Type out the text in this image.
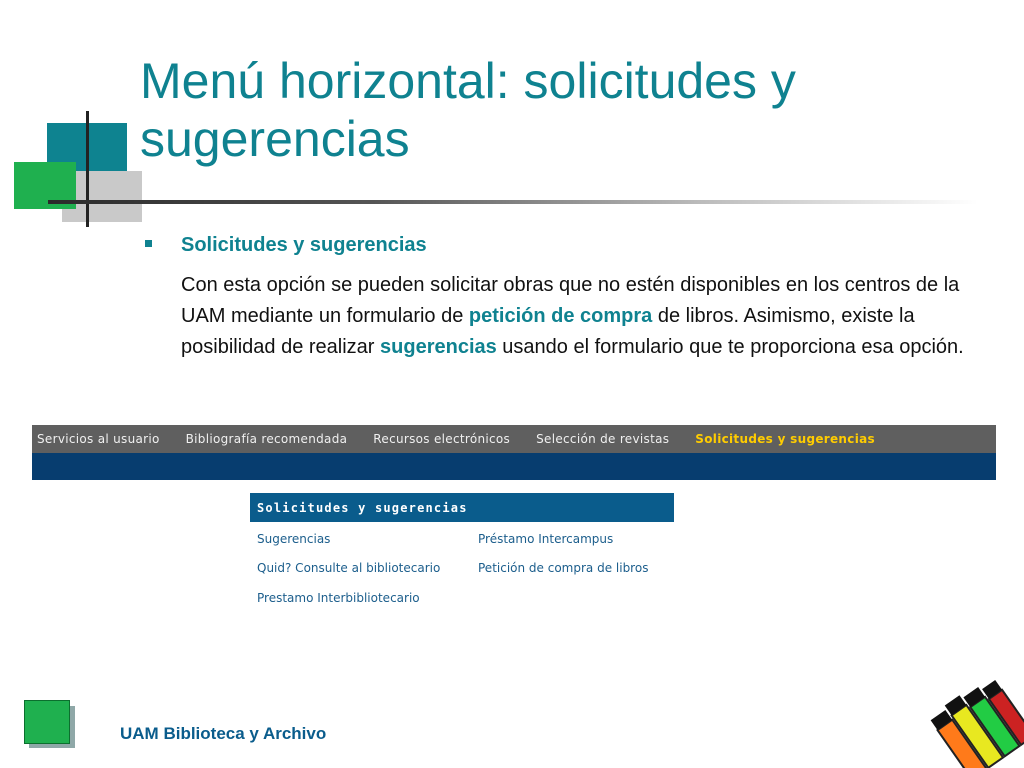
Menú horizontal: solicitudes y sugerencias
Solicitudes y sugerencias
Con esta opción se pueden solicitar obras que no estén disponibles en los centros de la UAM mediante un formulario de petición de compra de libros. Asimismo, existe la posibilidad de realizar sugerencias usando el formulario que te proporciona esa opción.
Servicios al usuario Bibliografía recomendada Recursos electrónicos Selección de revistas Solicitudes y sugerencias
Solicitudes y sugerencias
Sugerencias	Préstamo Intercampus
Quid? Consulte al bibliotecario	Petición de compra de libros
Prestamo Interbibliotecario
UAM Biblioteca y Archivo
